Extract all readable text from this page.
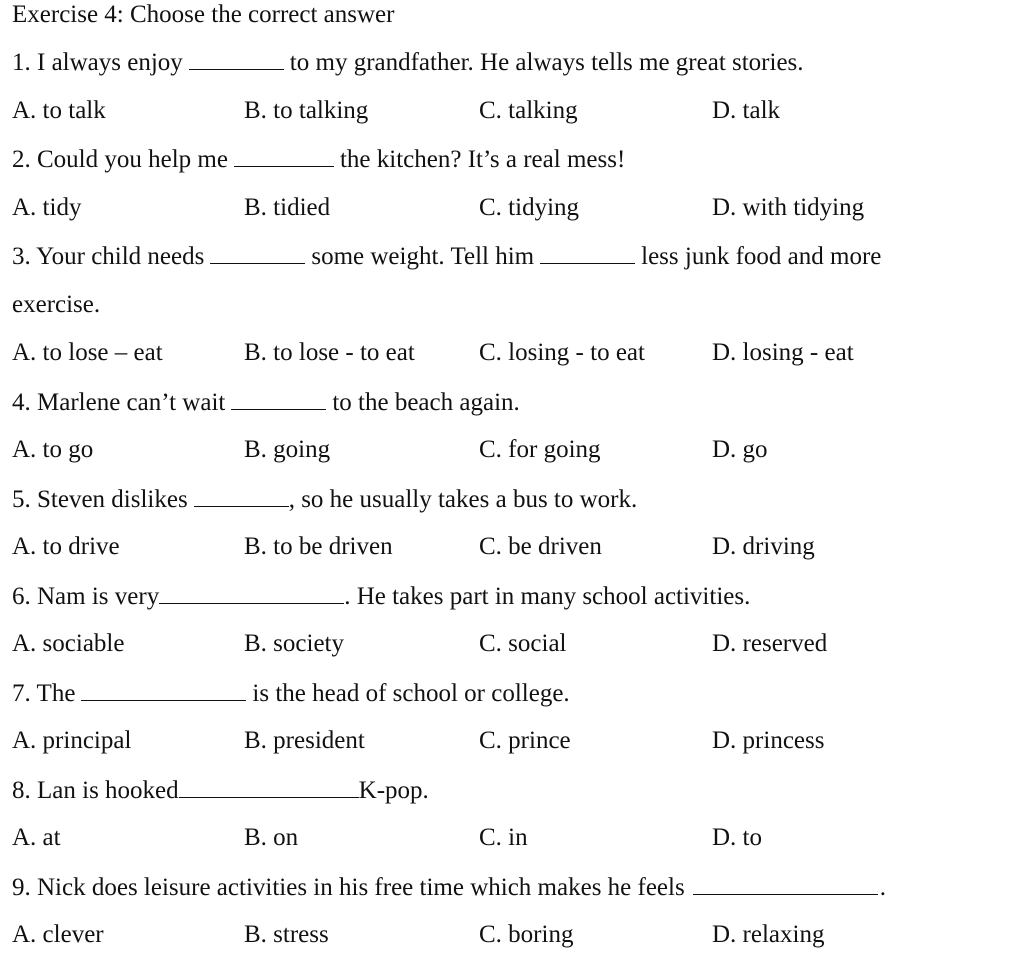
Exercise 4: Choose the correct answer
1. I always enjoy	to my grandfather. He always tells me great stories.
A. to talk	B. to talking	C. talking	D. talk
2. Could you help me	the kitchen? It’s a real mess!
A. tidy	B. tidied	C. tidying	D. with tidying
3. Your child needs	some weight. Tell him	less junk food and more
exercise.
A. to lose – eat	B. to lose - to eat	C. losing - to eat	D. losing - eat
4. Marlene can’t wait	to the beach again.
A. to go	B. going	C. for going	D. go
5. Steven dislikes	, so he usually takes a bus to work.
A. to drive	B. to be driven	C. be driven	D. driving
6. Nam is very	. He takes part in many school activities.
A. sociable	B. society	C. social	D. reserved
7. The	is the head of school or college.
A. principal	B. president	C. prince	D. princess
8. Lan is hooked	K-pop.
A. at	B. on	C. in	D. to
9. Nick does leisure activities in his free time which makes he feels	.
A. clever	B. stress	C. boring	D. relaxing
